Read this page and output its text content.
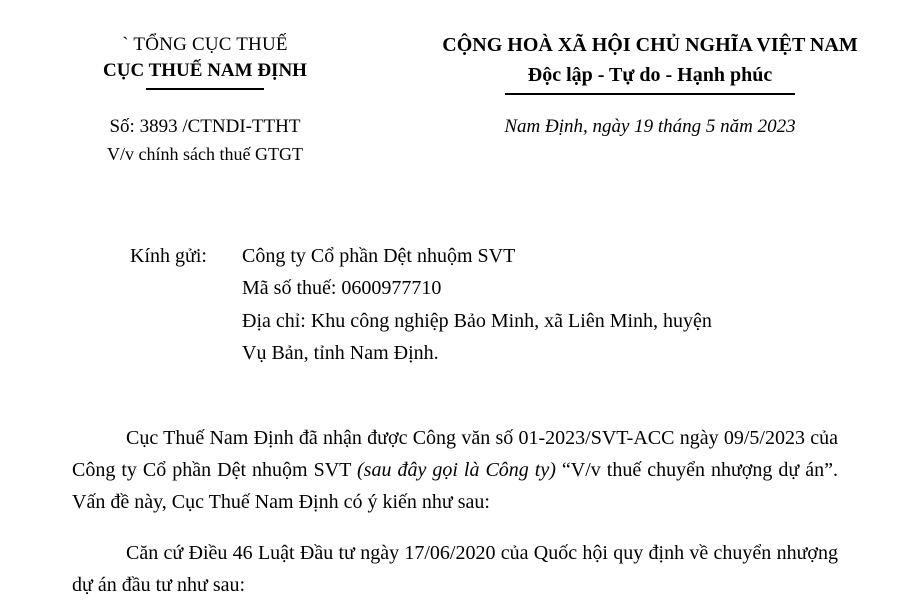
` TỔNG CỤC THUẾ
CỤC THUẾ NAM ĐỊNH
CỘNG HOÀ XÃ HỘI CHỦ NGHĨA VIỆT NAM
Độc lập - Tự do - Hạnh phúc
Số: 3893 /CTNDI-TTHT
V/v chính sách thuế GTGT
Nam Định, ngày 19 tháng 5 năm 2023
Kính gửi:	Công ty Cổ phần Dệt nhuộm SVT
Mã số thuế: 0600977710
Địa chỉ: Khu công nghiệp Bảo Minh, xã Liên Minh, huyện
Vụ Bản, tỉnh Nam Định.
Cục Thuế Nam Định đã nhận được Công văn số 01-2023/SVT-ACC ngày 09/5/2023 của Công ty Cổ phần Dệt nhuộm SVT (sau đây gọi là Công ty) “V/v thuế chuyển nhượng dự án”. Vấn đề này, Cục Thuế Nam Định có ý kiến như sau:
Căn cứ Điều 46 Luật Đầu tư ngày 17/06/2020 của Quốc hội quy định về chuyển nhượng dự án đầu tư như sau:
